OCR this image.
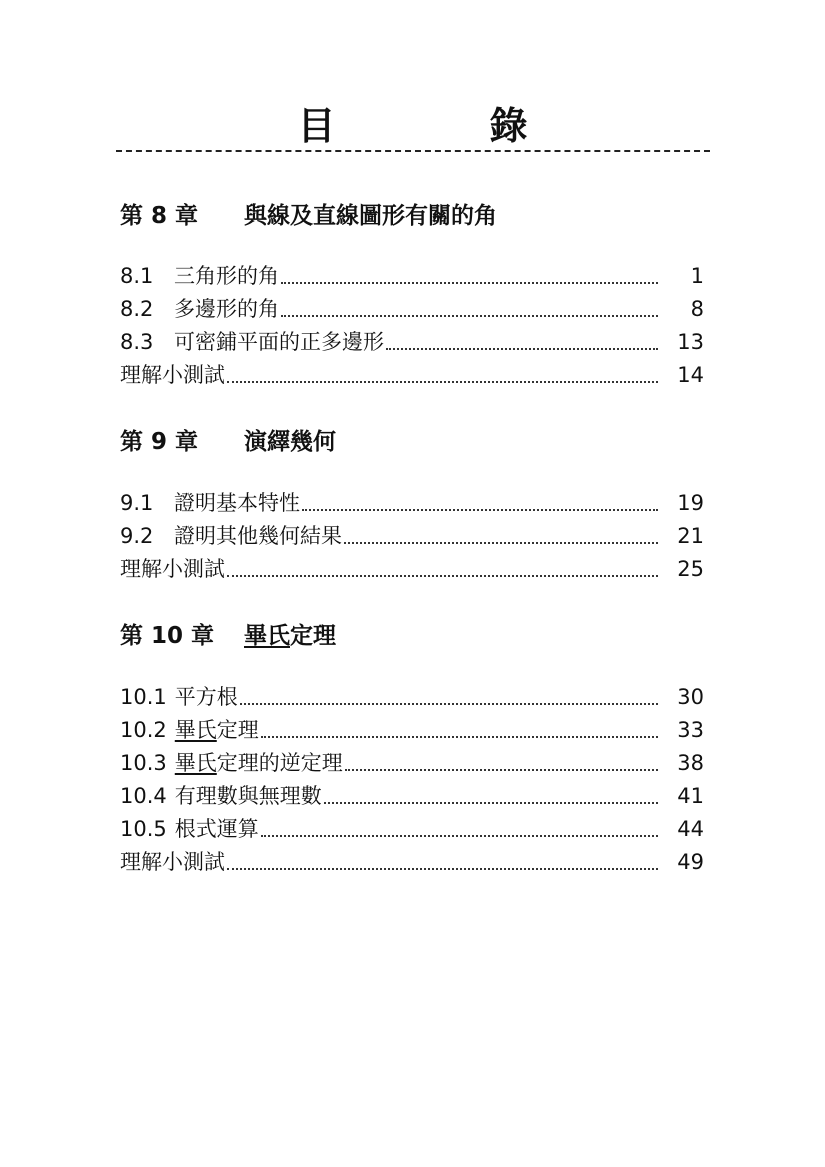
目　錄
第 8 章 與線及直線圖形有關的角
8.1 三角形的角	1
8.2 多邊形的角	8
8.3 可密鋪平面的正多邊形	13
理解小測試	14
第 9 章 演繹幾何
9.1 證明基本特性	19
9.2 證明其他幾何結果	21
理解小測試	25
第 10 章 畢氏定理
10.1 平方根	30
10.2 畢氏 定理	33
10.3 畢氏 定理的逆定理	38
10.4 有理數與無理數	41
10.5 根式運算	44
理解小測試	49
